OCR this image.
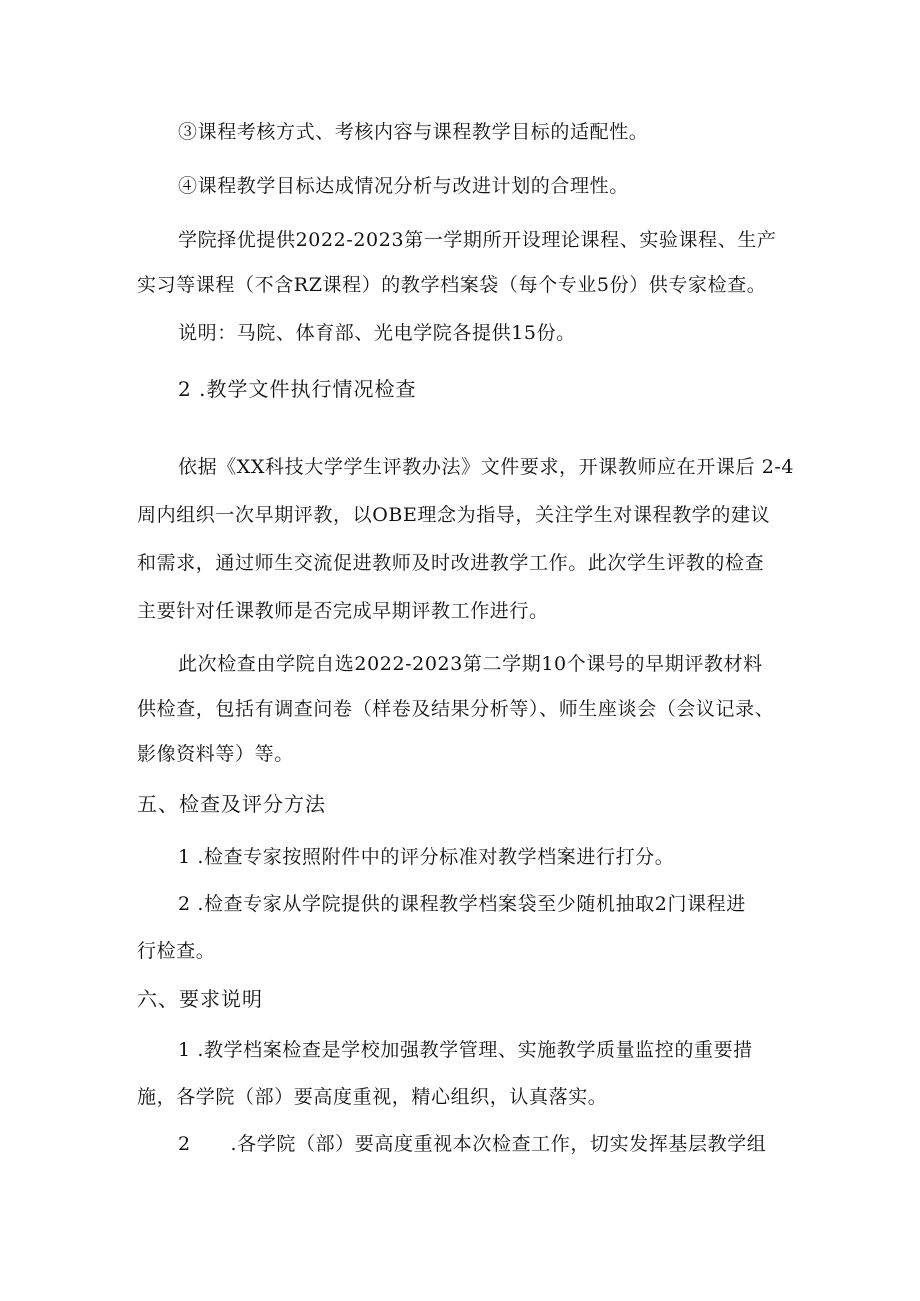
③课程考核方式、考核内容与课程教学目标的适配性。
④课程教学目标达成情况分析与改进计划的合理性。
学院择优提供2022-2023第一学期所开设理论课程、实验课程、生产
实习等课程（不含RZ课程）的教学档案袋（每个专业5份）供专家检查。
说明：马院、体育部、光电学院各提供15份。
2 .教学文件执行情况检查
依据《XX科技大学学生评教办法》文件要求，开课教师应在开课后 2-4
周内组织一次早期评教，以OBE理念为指导，关注学生对课程教学的建议
和需求，通过师生交流促进教师及时改进教学工作。此次学生评教的检查
主要针对任课教师是否完成早期评教工作进行。
此次检查由学院自选2022-2023第二学期10个课号的早期评教材料
供检查，包括有调查问卷（样卷及结果分析等）、师生座谈会（会议记录、
影像资料等）等。
五、检查及评分方法
1 .检查专家按照附件中的评分标准对教学档案进行打分。
2 .检查专家从学院提供的课程教学档案袋至少随机抽取2门课程进
行检查。
六、要求说明
1 .教学档案检查是学校加强教学管理、实施教学质量监控的重要措
施，各学院（部）要高度重视，精心组织，认真落实。
2      .各学院（部）要高度重视本次检查工作，切实发挥基层教学组
